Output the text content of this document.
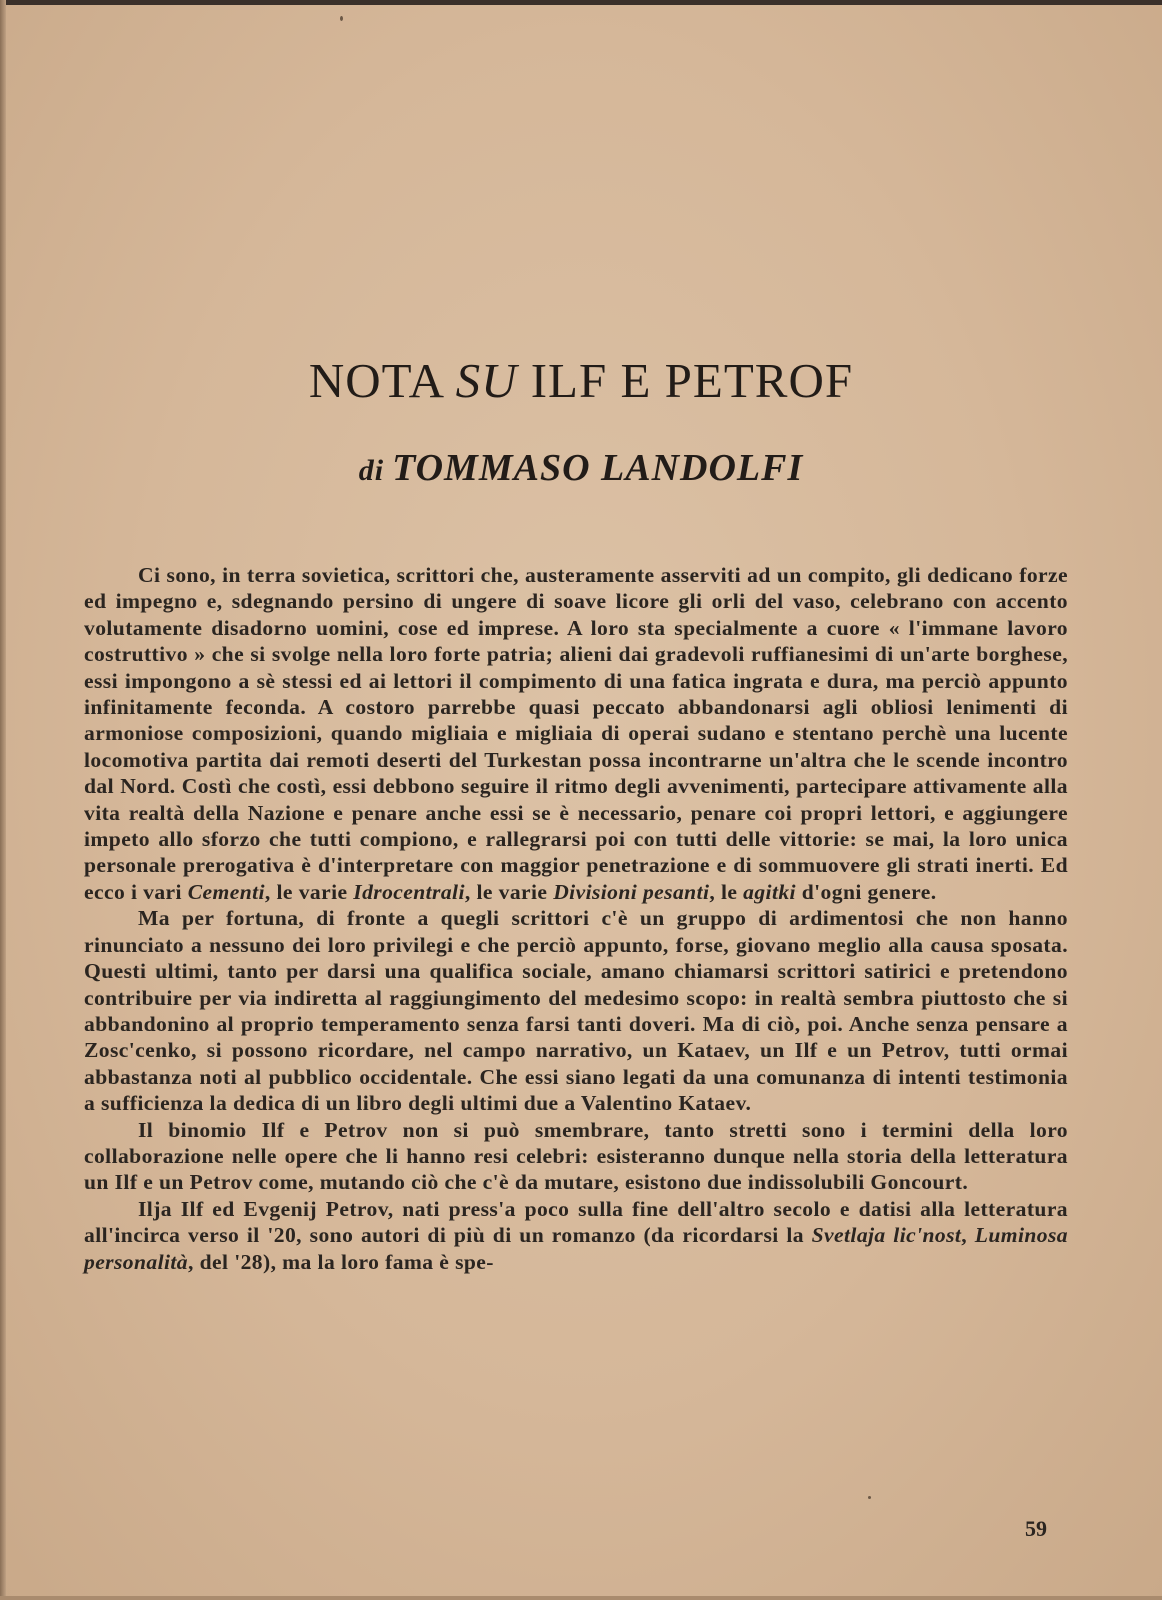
NOTA SU ILF E PETROF
di TOMMASO LANDOLFI

Ci sono, in terra sovietica, scrittori che, austeramente asserviti ad un compito, gli dedicano forze ed impegno e, sdegnando persino di ungere di soave licore gli orli del vaso, celebrano con accento volutamente disadorno uomini, cose ed imprese. A loro sta specialmente a cuore « l'immane lavoro costruttivo » che si svolge nella loro forte patria; alieni dai gradevoli ruffianesimi di un'arte borghese, essi impongono a sè stessi ed ai lettori il compimento di una fatica ingrata e dura, ma perciò appunto infinitamente feconda. A costoro parrebbe quasi peccato abbandonarsi agli obliosi lenimenti di armoniose composizioni, quando migliaia e migliaia di operai sudano e stentano perchè una lucente locomotiva partita dai remoti deserti del Turkestan possa incontrarne un'altra che le scende incontro dal Nord. Costì che costì, essi debbono seguire il ritmo degli avvenimenti, partecipare attivamente alla vita realtà della Nazione e penare anche essi se è necessario, penare coi propri lettori, e aggiungere impeto allo sforzo che tutti compiono, e rallegrarsi poi con tutti delle vittorie: se mai, la loro unica personale prerogativa è d'interpretare con maggior penetrazione e di sommuovere gli strati inerti. Ed ecco i vari Cementi, le varie Idrocentrali, le varie Divisioni pesanti, le agitki d'ogni genere.

Ma per fortuna, di fronte a quegli scrittori c'è un gruppo di ardimentosi che non hanno rinunciato a nessuno dei loro privilegi e che perciò appunto, forse, giovano meglio alla causa sposata. Questi ultimi, tanto per darsi una qualifica sociale, amano chiamarsi scrittori satirici e pretendono contribuire per via indiretta al raggiungimento del medesimo scopo: in realtà sembra piuttosto che si abbandonino al proprio temperamento senza farsi tanti doveri. Ma di ciò, poi. Anche senza pensare a Zosc'cenko, si possono ricordare, nel campo narrativo, un Kataev, un Ilf e un Petrov, tutti ormai abbastanza noti al pubblico occidentale. Che essi siano legati da una comunanza di intenti testimonia a sufficienza la dedica di un libro degli ultimi due a Valentino Kataev.

Il binomio Ilf e Petrov non si può smembrare, tanto stretti sono i termini della loro collaborazione nelle opere che li hanno resi celebri: esisteranno dunque nella storia della letteratura un Ilf e un Petrov come, mutando ciò che c'è da mutare, esistono due indissolubili Goncourt.

Ilja Ilf ed Evgenij Petrov, nati press'a poco sulla fine dell'altro secolo e datisi alla letteratura all'incirca verso il '20, sono autori di più di un romanzo (da ricordarsi la Svetlaja lic'nost, Luminosa personalità, del '28), ma la loro fama è spe-

59
